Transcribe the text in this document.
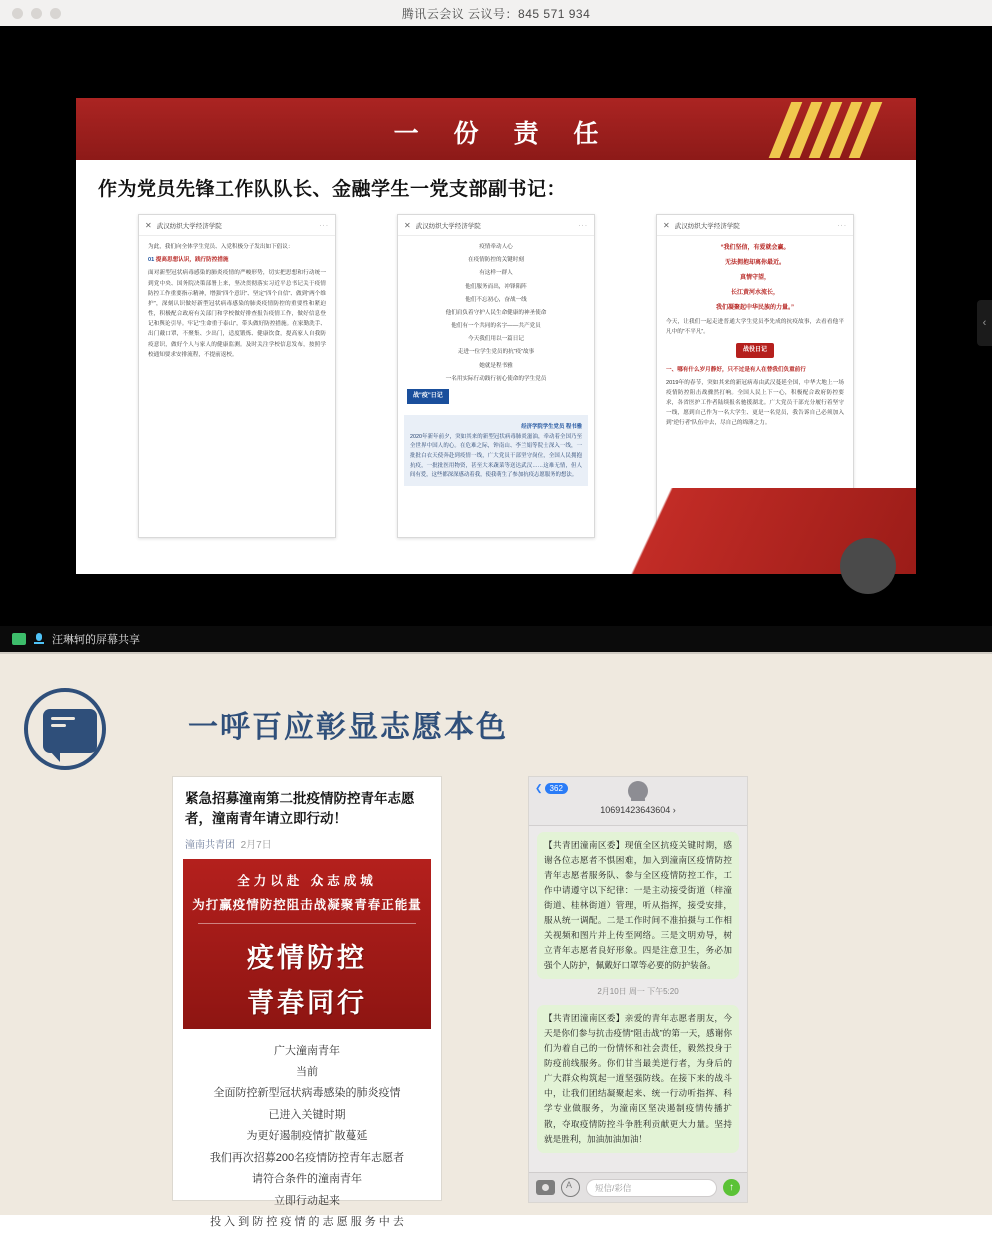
腾讯云会议 云议号：845 571 934
一 份 责 任
作为党员先锋工作队队长、金融学生一党支部副书记：
✕ 武汉纺织大学经济学院	···

为此，我们向全体学生党员、入党积极分子发出如下倡议：

01 提高思想认识，践行防控措施

面对新型冠状病毒感染的肺炎疫情的严峻形势，切实把思想和行动统一到党中央、国务院决策部署上来，坚决贯彻落实习近平总书记关于疫情防控工作重要指示精神，增强“四个意识”、坚定“四个自信”、做到“两个维护”，深刻认识做好新型冠状病毒感染的肺炎疫情防控的重要性和紧迫性，积极配合政府有关部门和学校做好排查报告疫情工作，做好信息登记和舆论引导。牢记“生命重于泰山”，带头做好防控措施。在家勤洗手、出门戴口罩，不聚集、少出门，适度锻炼、健康饮食，提高家人自我防疫意识，做好个人与家人的健康监测。及时关注学校信息发布，按照学校通知要求安排流程，不提前返校。

✕ 武汉纺织大学经济学院	···

疫情牵动人心

在疫情防控的关键时刻

有这样一群人

他们服务而出，冲锋陷阵

他们不忘初心，奋战一线

他们肩负着守护人民生命健康的神圣使命

他们有一个共同的名字——共产党员

今天我们用以一篇日记

走进一位学生党员的抗“疫”故事

她就是程书雅

一名用实际行动践行初心使命的学生党员

战"疫"日记
经济学院学生党员 程书雅
2020年新年前夕，突如其来的新型冠状病毒肺炎滋油，牵动着全国乃至全世界中国人的心。在危难之际，钟南山、李兰娟等院士深入一线，一批批白衣天使奔赴到疫情一线，广大党员干部坚守岗位，全国人民拥抱抗疫，一批批医用物资，甚至大米蔬菜等送达武汉……这难无情，但人间有爱，这些都深深感动着我，使我萌生了参加抗疫志愿服务的想法。
✕ 武汉纺织大学经济学院	···

“我们坚信，有爱就会赢。

无法拥抱却离你最近。

真情守望，

长江黄河水流长，

我们凝聚起中华民族的力量。”

今天，让我们一起走进普通大学生党员李先成的抗疫故事，去看看他平凡中的“不平凡”。

战役日记

一、哪有什么岁月静好，只不过是有人在替我们负重前行

2019年的春节，突如其来的新冠病毒由武汉蔓延全国，中华大地上一场疫情防控阻击战骤然打响。全国人民上下一心，积极配合政府防控要求，各省医护工作者陆续报名驰援湖北。广大党员干部充分履行着坚守一线，愿到自己作为一名大学生、更是一名党员，我告诉自己必须加入到“逆行者”队伍中去，尽自己的绵薄之力。

‹
汪琳轲的屏幕共享
一呼百应彰显志愿本色
紧急招募潼南第二批疫情防控青年志愿者，潼南青年请立即行动！
潼南共青团 2月7日
全力以赴 众志成城
为打赢疫情防控阻击战凝聚青春正能量
疫情防控
青春同行

广大潼南青年

当前

全面防控新型冠状病毒感染的肺炎疫情

已进入关键时期

为更好遏制疫情扩散蔓延

我们再次招募200名疫情防控青年志愿者

请符合条件的潼南青年

立即行动起来

投 入 到 防 控 疫 情 的 志 愿 服 务 中 去

❮ 362
10691423643604 ›
【共青团潼南区委】现值全区抗疫关键时期，感谢各位志愿者不惧困难，加入到潼南区疫情防控青年志愿者服务队、参与全区疫情防控工作，工作中请遵守以下纪律：一是主动接受街道（梓潼街道、桂林街道）管理，听从指挥，接受安排，服从统一调配。二是工作时间不准拍摄与工作相关视频和图片并上传至网络。三是文明劝导，树立青年志愿者良好形象。四是注意卫生，务必加强个人防护，佩戴好口罩等必要的防护装备。
2月10日 周一 下午5:20
【共青团潼南区委】亲爱的青年志愿者朋友，今天是你们参与抗击疫情“阻击战”的第一天，感谢你们为着自己的一份情怀和社会责任，毅然投身于防疫前线服务。你们甘当最美逆行者，为身后的广大群众构筑起一道坚强防线。在接下来的战斗中，让我们团结凝聚起来、统一行动听指挥、科学专业做服务，为潼南区坚决遏制疫情传播扩散，夺取疫情防控斗争胜利贡献更大力量。坚持就是胜利，加油加油加油！
A
短信/彩信	↑
